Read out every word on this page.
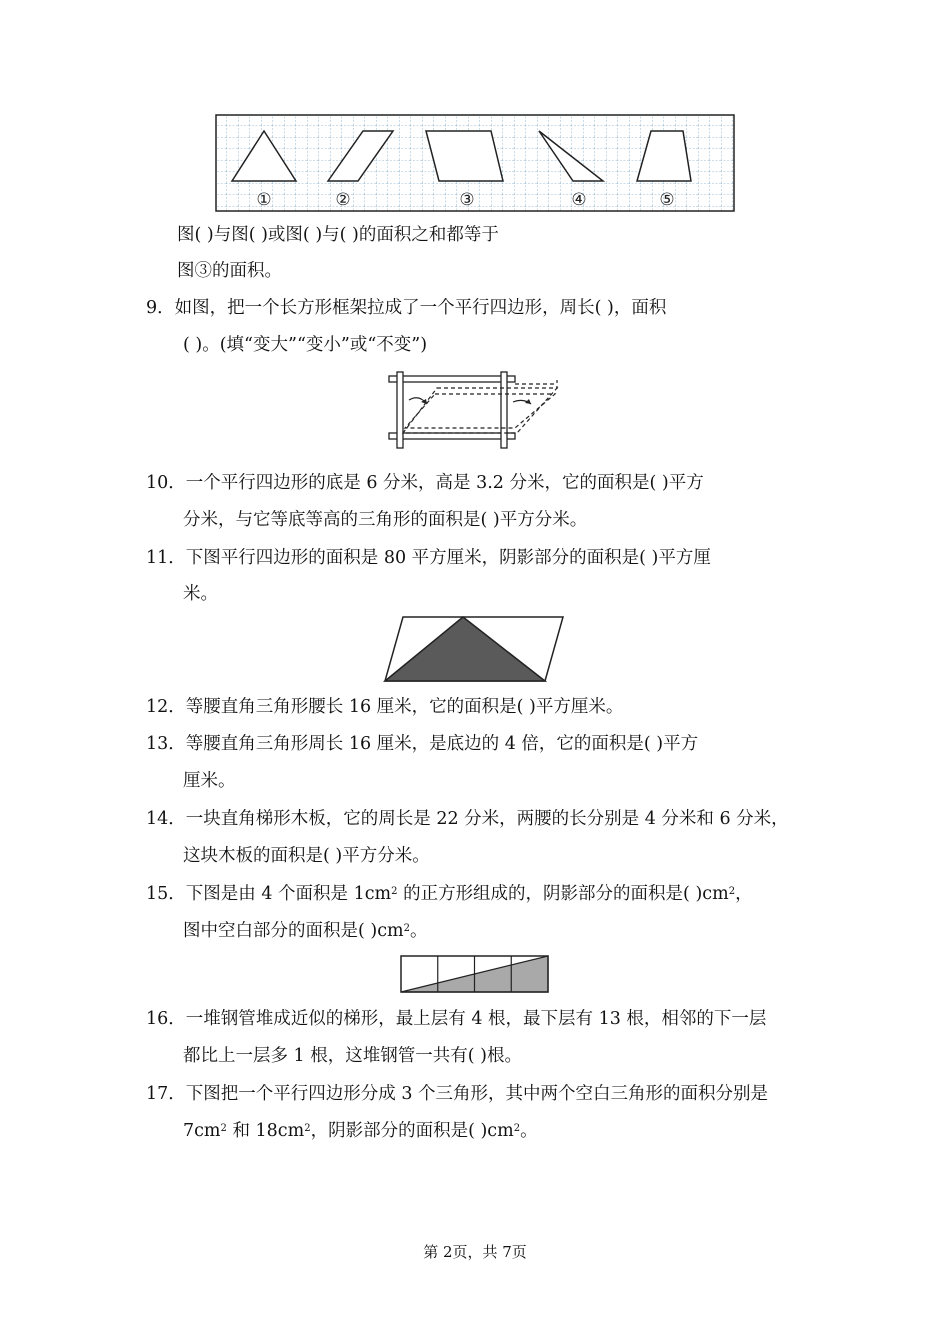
①	②	③	④	⑤
图( )与图( )或图( )与( )的面积之和都等于
图③的面积。
9．如图，把一个长方形框架拉成了一个平行四边形，周长( )，面积
( )。(填“变大”“变小”或“不变”)
10．一个平行四边形的底是 6 分米，高是 3.2 分米，它的面积是( )平方
分米，与它等底等高的三角形的面积是( )平方分米。
11．下图平行四边形的面积是 80 平方厘米，阴影部分的面积是( )平方厘
米。
12．等腰直角三角形腰长 16 厘米，它的面积是( )平方厘米。
13．等腰直角三角形周长 16 厘米，是底边的 4 倍，它的面积是( )平方
厘米。
14．一块直角梯形木板，它的周长是 22 分米，两腰的长分别是 4 分米和 6 分米，
这块木板的面积是( )平方分米。
15．下图是由 4 个面积是 $1cm^2$ 的正方形组成的，阴影部分的面积是( )$cm^2$，
图中空白部分的面积是( )$cm^2$。
16．一堆钢管堆成近似的梯形，最上层有 4 根，最下层有 13 根，相邻的下一层
都比上一层多 1 根，这堆钢管一共有( )根。
17．下图把一个平行四边形分成 3 个三角形，其中两个空白三角形的面积分别是
$7cm^2$ 和 $18cm^2$，阴影部分的面积是( )$cm^2$。
第 2页，共 7页
